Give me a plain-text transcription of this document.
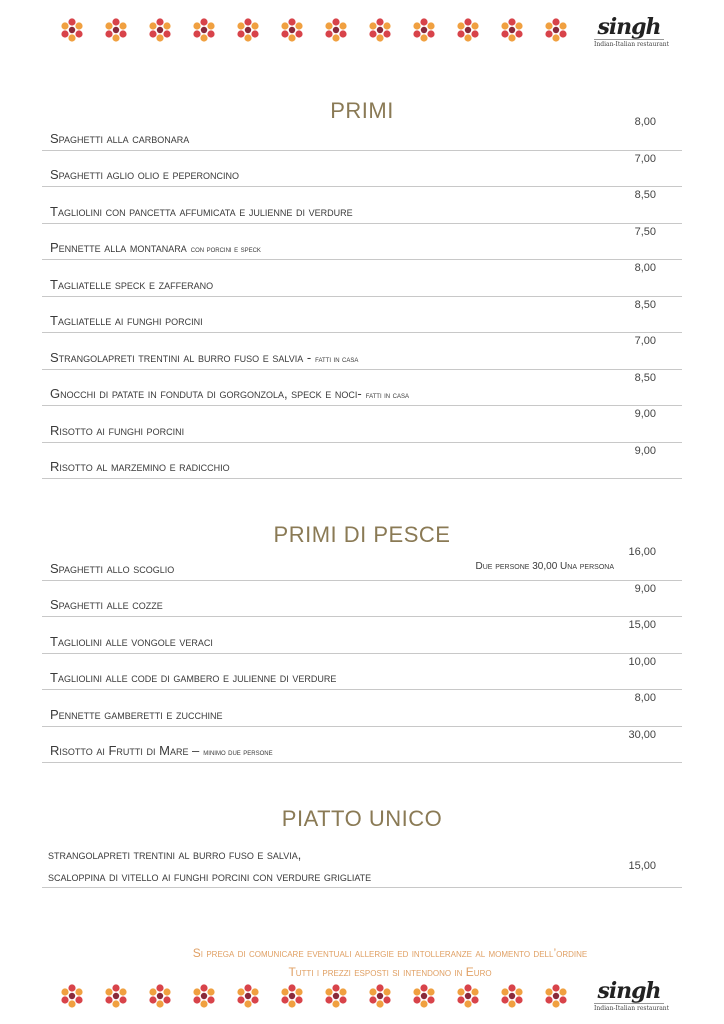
singh
Indian-Italian restaurant
PRIMI
Spaghetti alla carbonara
8,00
Spaghetti aglio olio e peperoncino
7,00
Tagliolini con pancetta affumicata e julienne di verdure
8,50
Pennette alla montanara con porcini e speck
7,50
Tagliatelle speck e zafferano
8,00
Tagliatelle ai funghi porcini
8,50
Strangolapreti trentini al burro fuso e salvia - fatti in casa
7,00
Gnocchi di patate in fonduta di gorgonzola, speck e noci- fatti in casa
8,50
Risotto ai funghi porcini
9,00
Risotto al marzemino e radicchio
9,00
PRIMI DI PESCE
Spaghetti allo scoglio	Due persone 30,00 Una persona
16,00
Spaghetti alle cozze
9,00
Tagliolini alle vongole veraci
15,00
Tagliolini alle code di gambero e julienne di verdure
10,00
Pennette gamberetti e zucchine
8,00
Risotto ai Frutti di Mare – minimo due persone
30,00
PIATTO UNICO
strangolapreti trentini al burro fuso e salvia,
scaloppina di vitello ai funghi porcini con verdure grigliate
15,00
Si prega di comunicare eventuali allergie ed intolleranze al momento dell’ordine
Tutti i prezzi esposti si intendono in Euro
singh
Indian-Italian restaurant
